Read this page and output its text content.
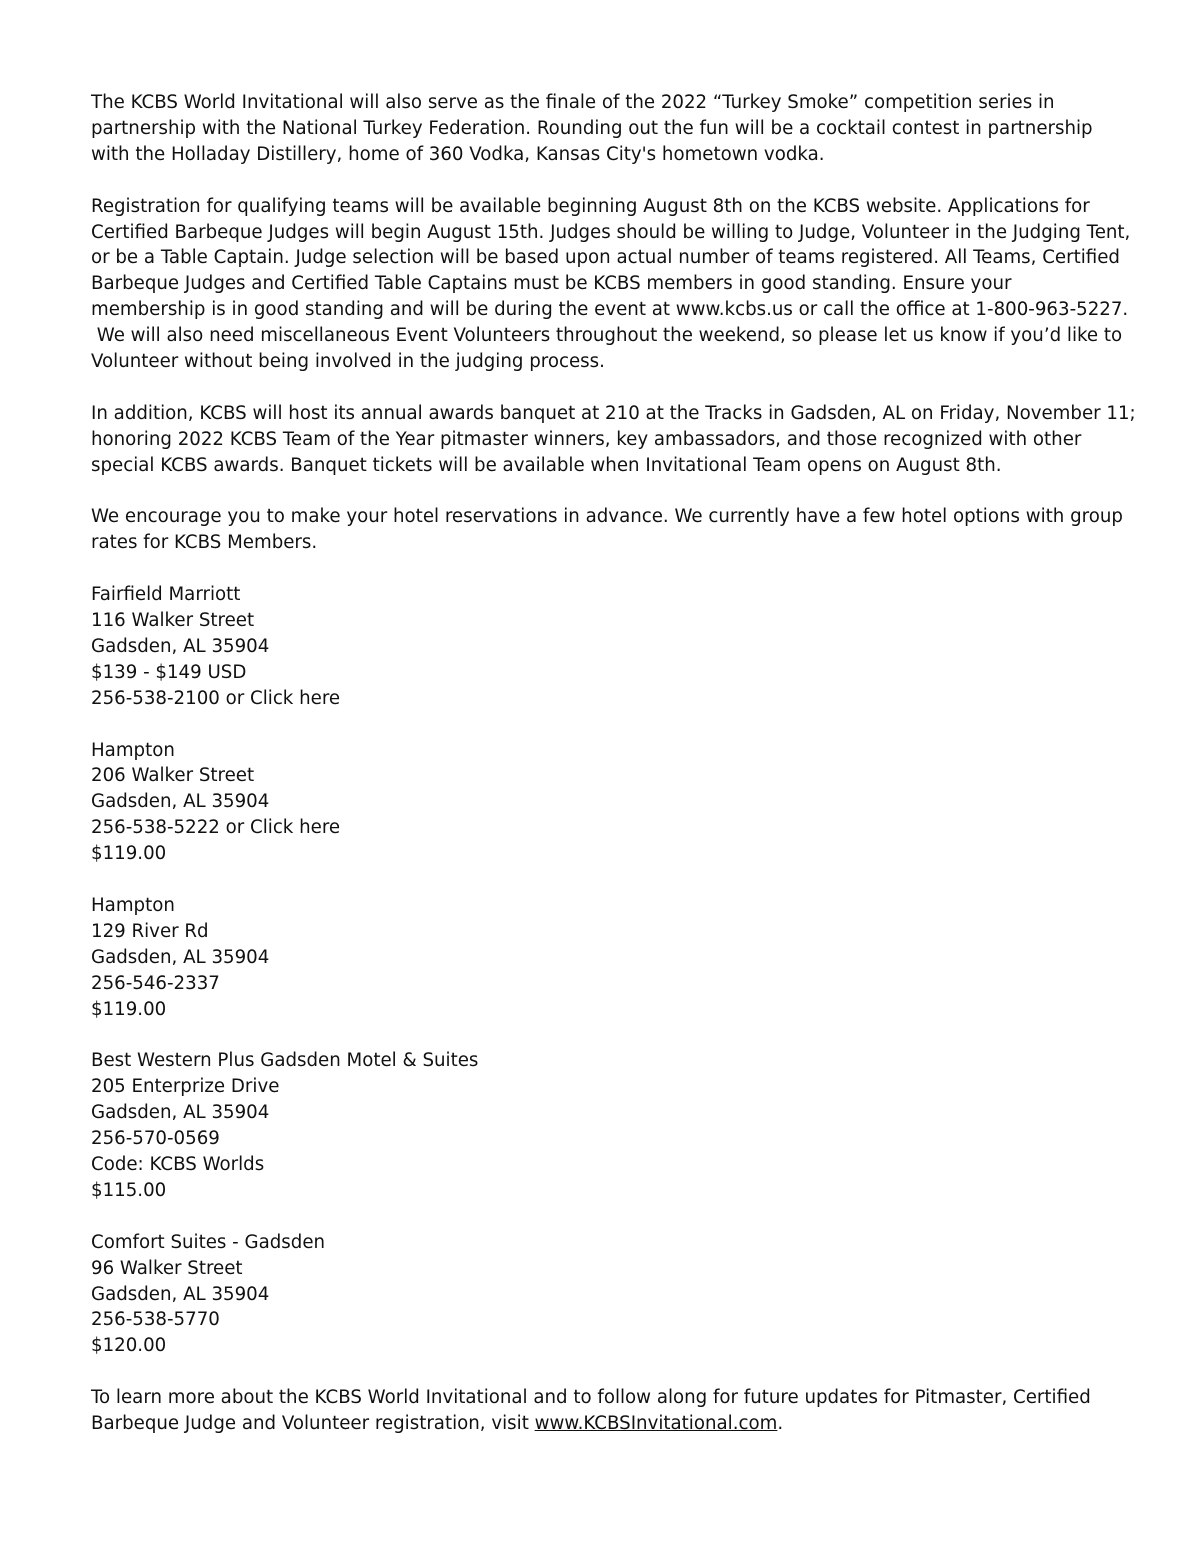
The KCBS World Invitational will also serve as the finale of the 2022 “Turkey Smoke” competition series in
partnership with the National Turkey Federation. Rounding out the fun will be a cocktail contest in partnership
with the Holladay Distillery, home of 360 Vodka, Kansas City's hometown vodka.
Registration for qualifying teams will be available beginning August 8th on the KCBS website. Applications for
Certified Barbeque Judges will begin August 15th. Judges should be willing to Judge, Volunteer in the Judging Tent,
or be a Table Captain. Judge selection will be based upon actual number of teams registered. All Teams, Certified
Barbeque Judges and Certified Table Captains must be KCBS members in good standing. Ensure your
membership is in good standing and will be during the event at www.kcbs.us or call the office at 1-800-963-5227.
We will also need miscellaneous Event Volunteers throughout the weekend, so please let us know if you’d like to
Volunteer without being involved in the judging process.
In addition, KCBS will host its annual awards banquet at 210 at the Tracks in Gadsden, AL on Friday, November 11;
honoring 2022 KCBS Team of the Year pitmaster winners, key ambassadors, and those recognized with other
special KCBS awards. Banquet tickets will be available when Invitational Team opens on August 8th.
We encourage you to make your hotel reservations in advance. We currently have a few hotel options with group
rates for KCBS Members.
Fairfield Marriott
116 Walker Street
Gadsden, AL 35904
$139 - $149 USD
256-538-2100 or Click here
Hampton
206 Walker Street
Gadsden, AL 35904
256-538-5222 or Click here
$119.00
Hampton
129 River Rd
Gadsden, AL 35904
256-546-2337
$119.00
Best Western Plus Gadsden Motel & Suites
205 Enterprize Drive
Gadsden, AL 35904
256-570-0569
Code: KCBS Worlds
$115.00
Comfort Suites - Gadsden
96 Walker Street
Gadsden, AL 35904
256-538-5770
$120.00
To learn more about the KCBS World Invitational and to follow along for future updates for Pitmaster, Certified
Barbeque Judge and Volunteer registration, visit www.KCBSInvitational.com.
